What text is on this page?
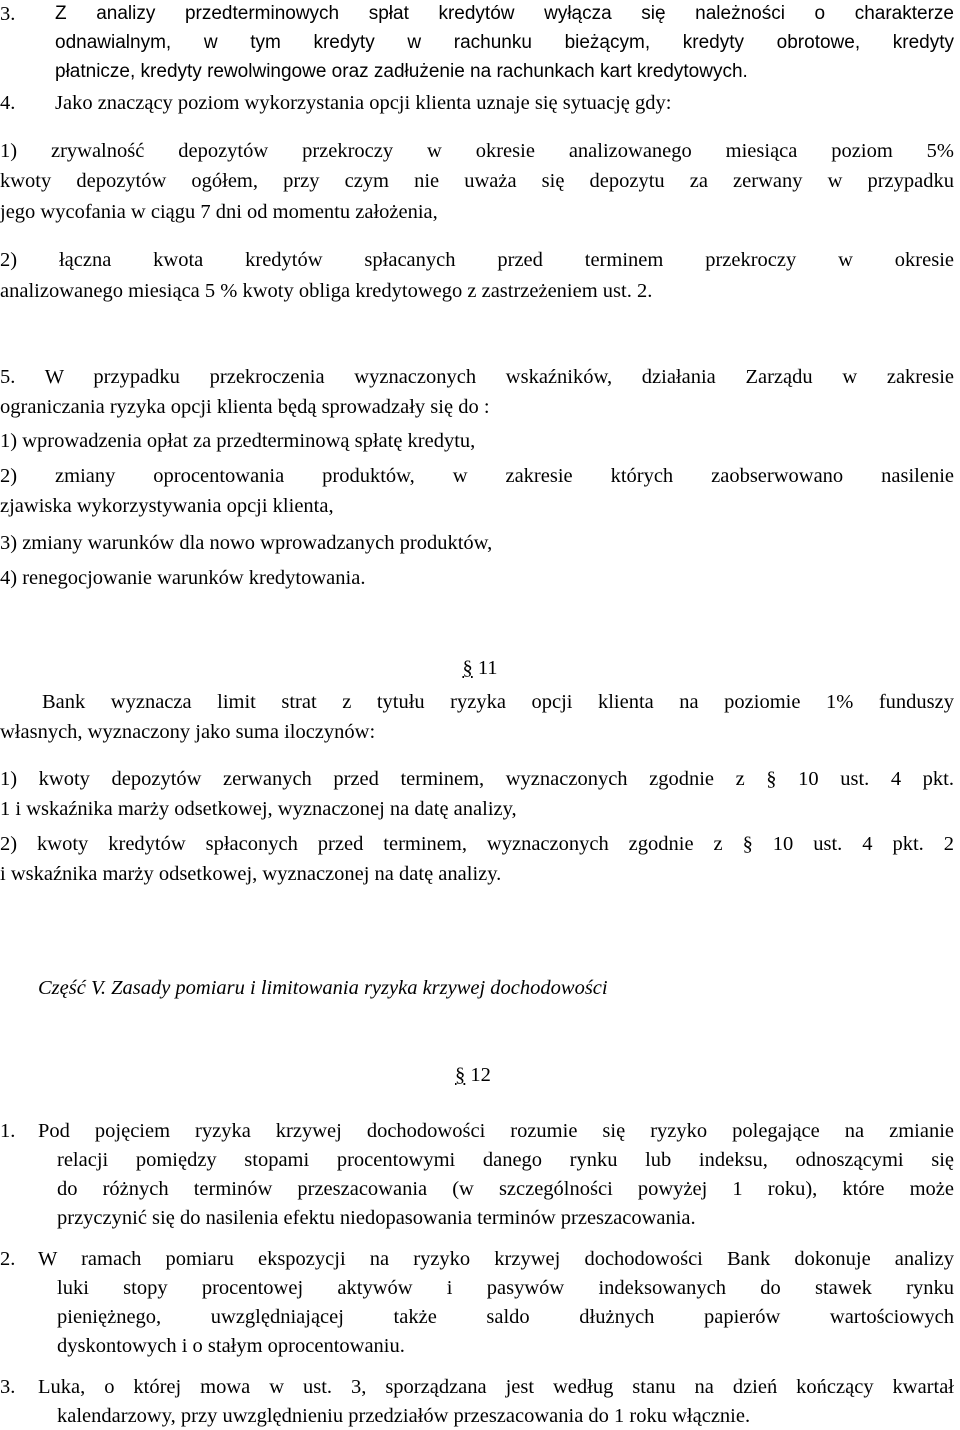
3. Z analizy przedterminowych spłat kredytów wyłącza się należności o charakterze
odnawialnym, w tym kredyty w rachunku bieżącym, kredyty obrotowe, kredyty
płatnicze, kredyty rewolwingowe oraz zadłużenie na rachunkach kart kredytowych.
4. Jako znaczący poziom wykorzystania opcji klienta uznaje się sytuację gdy:
1) zrywalność depozytów przekroczy w okresie analizowanego miesiąca poziom 5%
kwoty depozytów ogółem, przy czym nie uważa się depozytu za zerwany w przypadku
jego wycofania w ciągu 7 dni od momentu założenia,
2) łączna kwota kredytów spłacanych przed terminem przekroczy w okresie
analizowanego miesiąca 5 % kwoty obliga kredytowego z zastrzeżeniem ust. 2.
5. W przypadku przekroczenia wyznaczonych wskaźników, działania Zarządu w zakresie
ograniczania ryzyka opcji klienta będą sprowadzały się do :
1) wprowadzenia opłat za przedterminową spłatę kredytu,
2) zmiany oprocentowania produktów, w zakresie których zaobserwowano nasilenie
zjawiska wykorzystywania opcji klienta,
3) zmiany warunków dla nowo wprowadzanych produktów,
4) renegocjowanie warunków kredytowania.
§ 11
Bank wyznacza limit strat z tytułu ryzyka opcji klienta na poziomie 1% funduszy
własnych, wyznaczony jako suma iloczynów:
1) kwoty depozytów zerwanych przed terminem, wyznaczonych zgodnie z § 10 ust. 4 pkt.
1 i wskaźnika marży odsetkowej, wyznaczonej na datę analizy,
2) kwoty kredytów spłaconych przed terminem, wyznaczonych zgodnie z § 10 ust. 4 pkt. 2
i wskaźnika marży odsetkowej, wyznaczonej na datę analizy.
Część V. Zasady pomiaru i limitowania ryzyka krzywej dochodowości
§ 12
1. Pod pojęciem ryzyka krzywej dochodowości rozumie się ryzyko polegające na zmianie
relacji pomiędzy stopami procentowymi danego rynku lub indeksu, odnoszącymi się
do różnych terminów przeszacowania (w szczególności powyżej 1 roku), które może
przyczynić się do nasilenia efektu niedopasowania terminów przeszacowania.
2. W ramach pomiaru ekspozycji na ryzyko krzywej dochodowości Bank dokonuje analizy
luki stopy procentowej aktywów i pasywów indeksowanych do stawek rynku
pieniężnego, uwzględniającej także saldo dłużnych papierów wartościowych
dyskontowych i o stałym oprocentowaniu.
3. Luka, o której mowa w ust. 3, sporządzana jest według stanu na dzień kończący kwartał
kalendarzowy, przy uwzględnieniu przedziałów przeszacowania do 1 roku włącznie.
